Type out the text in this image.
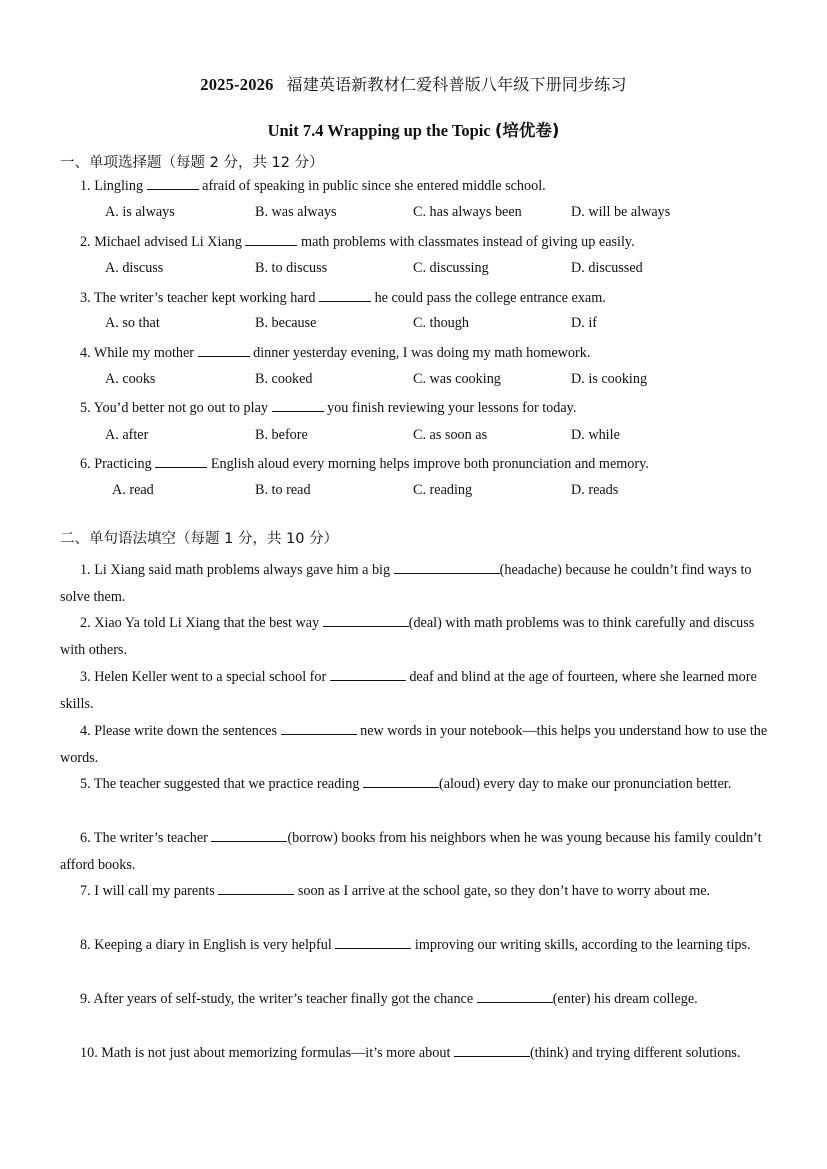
2025-2026 福建英语新教材仁爱科普版八年级下册同步练习
Unit 7.4 Wrapping up the Topic (培优卷)
一、单项选择题（每题 2 分，共 12 分）
1. Lingling	afraid of speaking in public since she entered middle school.
A. is always	B. was always	C. has always been	D. will be always
2. Michael advised Li Xiang	math problems with classmates instead of giving up easily.
A. discuss	B. to discuss	C. discussing	D. discussed
3. The writer’s teacher kept working hard	he could pass the college entrance exam.
A. so that	B. because	C. though	D. if
4. While my mother	dinner yesterday evening, I was doing my math homework.
A. cooks	B. cooked	C. was cooking	D. is cooking
5. You’d better not go out to play	you finish reviewing your lessons for today.
A. after	B. before	C. as soon as	D. while
6. Practicing	English aloud every morning helps improve both pronunciation and memory.
A. read	B. to read	C. reading	D. reads
二、单句语法填空（每题 1 分，共 10 分）
1. Li Xiang said math problems always gave him a big	(headache) because he couldn’t find ways to solve them.
2. Xiao Ya told Li Xiang that the best way	(deal) with math problems was to think carefully and discuss with others.
3. Helen Keller went to a special school for	deaf and blind at the age of fourteen, where she learned more skills.
4. Please write down the sentences	new words in your notebook—this helps you understand how to use the words.
5. The teacher suggested that we practice reading	(aloud) every day to make our pronunciation better.
6. The writer’s teacher	(borrow) books from his neighbors when he was young because his family couldn’t afford books.
7. I will call my parents	soon as I arrive at the school gate, so they don’t have to worry about me.
8. Keeping a diary in English is very helpful	improving our writing skills, according to the learning tips.
9. After years of self-study, the writer’s teacher finally got the chance	(enter) his dream college.
10. Math is not just about memorizing formulas—it’s more about	(think) and trying different solutions.
